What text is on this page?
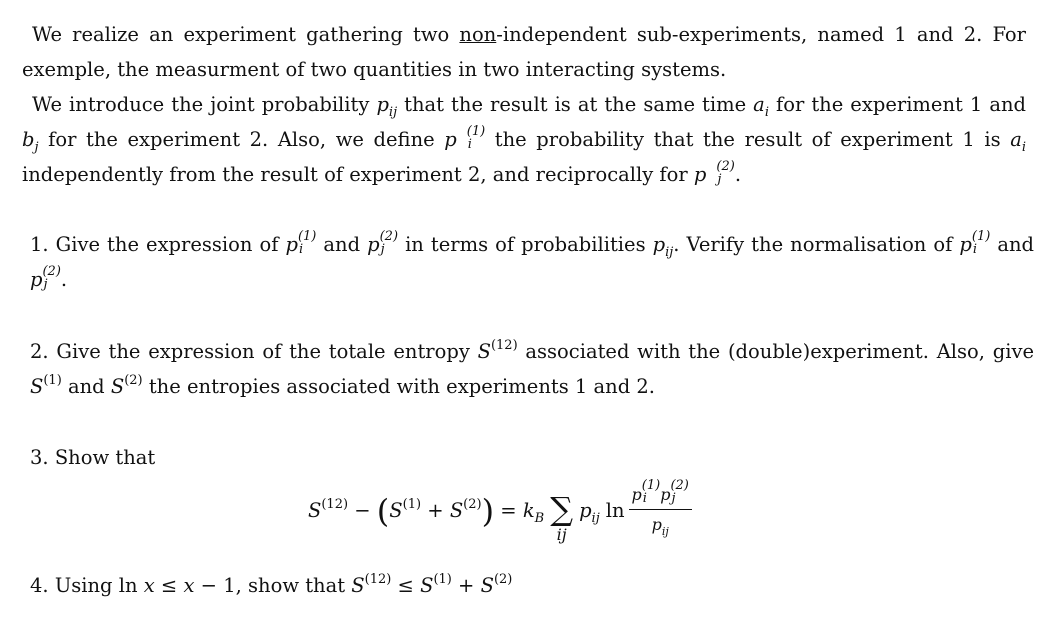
We realize an experiment gathering two non-independent sub-experiments, named 1 and 2. For exemple, the measurment of two quantities in two interacting systems.
We introduce the joint probability $p_{ij}$ that the result is at the same time $a_i$ for the experiment 1 and $b_j$ for the experiment 2. Also, we define p (1)
i the probability that the result of experiment 1 is $a_i$ independently from the result of experiment 2, and reciprocally for p (2)
j .
1. Give the expression of p (1)
i and p (2)
j in terms of probabilities $p_{ij}$. Verify the normalisation of p (1)
i and p (2)
j .
2. Give the expression of the totale entropy $S^{(12)}$ associated with the (double)experiment. Also, give $S^{(1)}$ and $S^{(2)}$ the entropies associated with experiments 1 and 2.
3. Show that
$S^{(12)}$ − ( $S^{(1)} + S^{(2)}$ ) = $k_B$ ∑
ij
$p_{ij}$ ln p (1)
i p (2)
j
$p_{ij}$
4. Using ln x ≤ x − 1, show that $S^{(12)} \le S^{(1)} + S^{(2)}$
